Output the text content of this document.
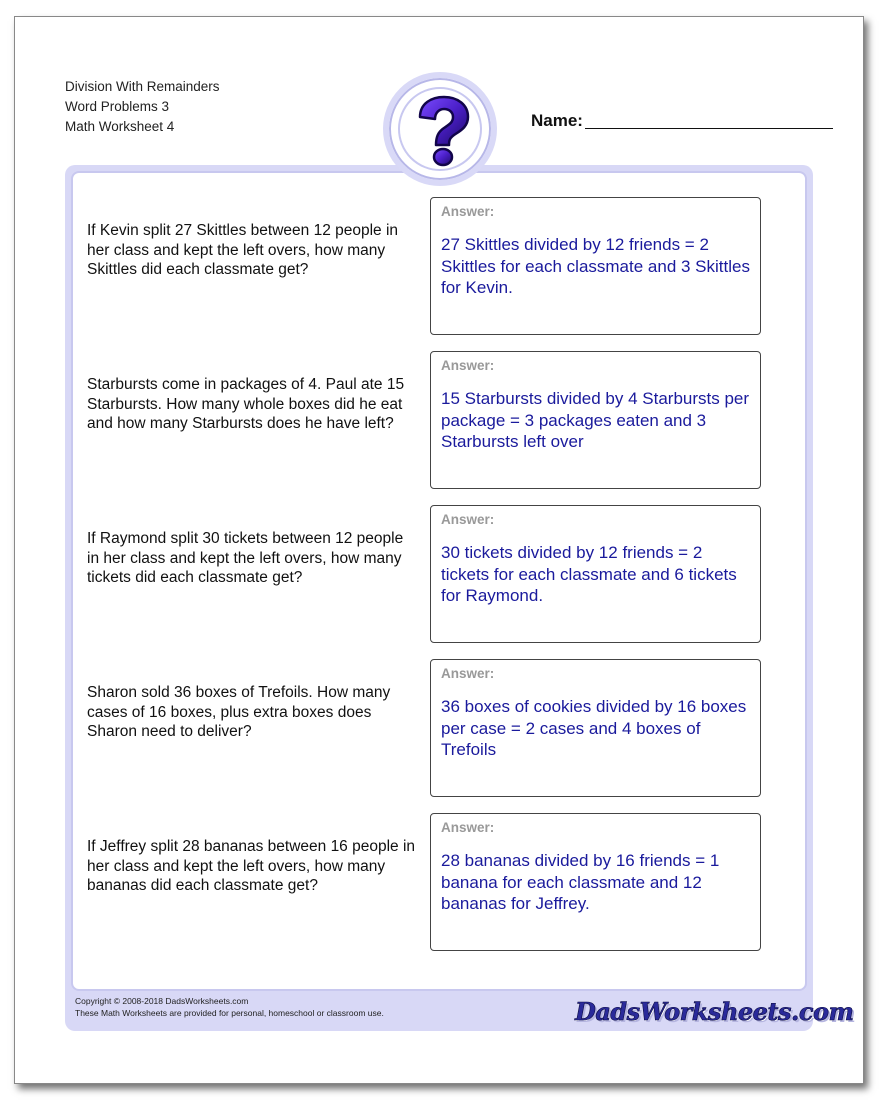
Division With Remainders
Word Problems 3
Math Worksheet 4	Name:
If Kevin split 27 Skittles between 12 people in her class and kept the left overs, how many Skittles did each classmate get?
Answer:
27 Skittles divided by 12 friends = 2 Skittles for each classmate and 3 Skittles for Kevin.
Starbursts come in packages of 4. Paul ate 15 Starbursts. How many whole boxes did he eat and how many Starbursts does he have left?
Answer:
15 Starbursts divided by 4 Starbursts per package = 3 packages eaten and 3 Starbursts left over
If Raymond split 30 tickets between 12 people in her class and kept the left overs, how many tickets did each classmate get?
Answer:
30 tickets divided by 12 friends = 2 tickets for each classmate and 6 tickets for Raymond.
Sharon sold 36 boxes of Trefoils. How many cases of 16 boxes, plus extra boxes does Sharon need to deliver?
Answer:
36 boxes of cookies divided by 16 boxes per case = 2 cases and 4 boxes of Trefoils
If Jeffrey split 28 bananas between 16 people in her class and kept the left overs, how many bananas did each classmate get?
Answer:
28 bananas divided by 16 friends = 1 banana for each classmate and 12 bananas for Jeffrey.
Copyright © 2008-2018 DadsWorksheets.com
These Math Worksheets are provided for personal, homeschool or classroom use.	DadsWorksheets.com
